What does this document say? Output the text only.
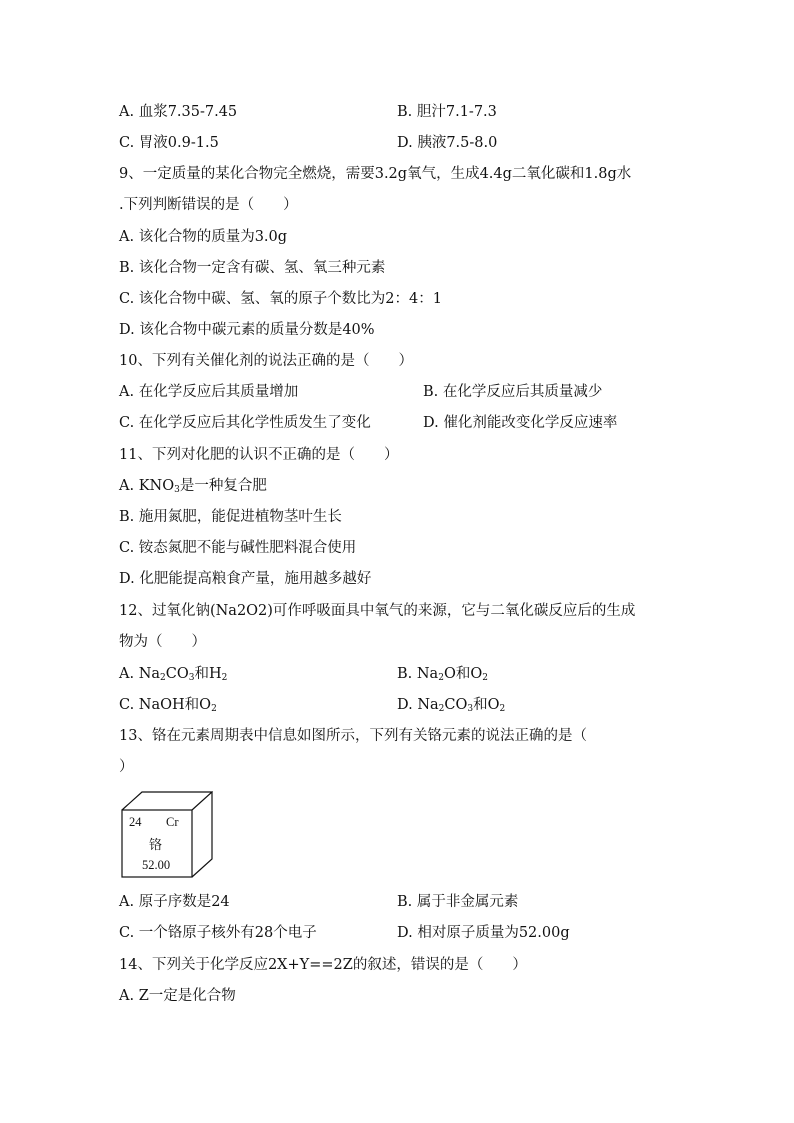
A. 血浆7.35-7.45	B. 胆汁7.1-7.3
C. 胃液0.9-1.5	D. 胰液7.5-8.0
9、一定质量的某化合物完全燃烧，需要3.2g氧气，生成4.4g二氧化碳和1.8g水
.下列判断错误的是（　　）
A. 该化合物的质量为3.0g
B. 该化合物一定含有碳、氢、氧三种元素
C. 该化合物中碳、氢、氧的原子个数比为2：4：1
D. 该化合物中碳元素的质量分数是40%
10、下列有关催化剂的说法正确的是（　　）
A. 在化学反应后其质量增加	B. 在化学反应后其质量减少
C. 在化学反应后其化学性质发生了变化	D. 催化剂能改变化学反应速率
11、下列对化肥的认识不正确的是（　　）
A. $KNO_3$是一种复合肥
B. 施用氮肥，能促进植物茎叶生长
C. 铵态氮肥不能与碱性肥料混合使用
D. 化肥能提高粮食产量，施用越多越好
12、过氧化钠(Na2O2)可作呼吸面具中氧气的来源，它与二氧化碳反应后的生成
物为（　　）
A. $Na_2CO_3$和$H_2$	B. $Na_2O$和$O_2$
C. NaOH和$O_2$	D. $Na_2CO_3$和$O_2$
13、铬在元素周期表中信息如图所示，下列有关铬元素的说法正确的是（
）
24 Cr
铬
52.00
A. 原子序数是24	B. 属于非金属元素
C. 一个铬原子核外有28个电子	D. 相对原子质量为52.00g
14、下列关于化学反应2X+Y==2Z的叙述，错误的是（　　）
A. Z一定是化合物
